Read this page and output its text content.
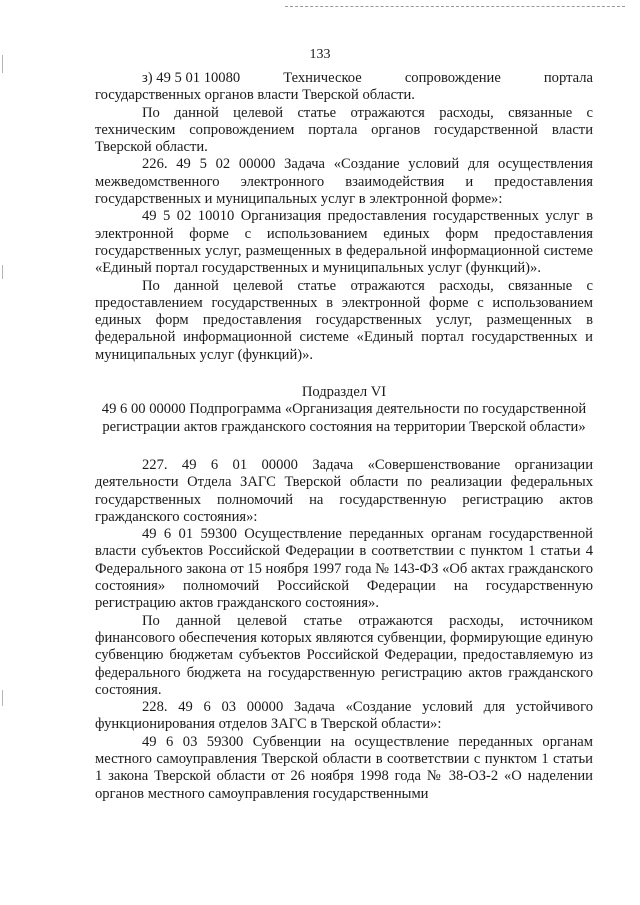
133

з) 49 5 01 10080	Техническое	сопровождение	портала

государственных органов власти Тверской области.

По данной целевой статье отражаются расходы, связанные с техническим сопровождением портала органов государственной власти Тверской области.

226. 49 5 02 00000 Задача «Создание условий для осуществления межведомственного электронного взаимодействия и предоставления государственных и муниципальных услуг в электронной форме»:

49 5 02 10010 Организация предоставления государственных услуг в электронной форме с использованием единых форм предоставления государственных услуг, размещенных в федеральной информационной системе «Единый портал государственных и муниципальных услуг (функций)».

По данной целевой статье отражаются расходы, связанные с предоставлением государственных в электронной форме с использованием единых форм предоставления государственных услуг, размещенных в федеральной информационной системе «Единый портал государственных и муниципальных услуг (функций)».

Подраздел VI

49 6 00 00000 Подпрограмма «Организация деятельности по государственной регистрации актов гражданского состояния на территории Тверской области»

227. 49 6 01 00000 Задача «Совершенствование организации деятельности Отдела ЗАГС Тверской области по реализации федеральных государственных полномочий на государственную регистрацию актов гражданского состояния»:

49 6 01 59300 Осуществление переданных органам государственной власти субъектов Российской Федерации в соответствии с пунктом 1 статьи 4 Федерального закона от 15 ноября 1997 года № 143-ФЗ «Об актах гражданского состояния» полномочий Российской Федерации на государственную регистрацию актов гражданского состояния».

По данной целевой статье отражаются расходы, источником финансового обеспечения которых являются субвенции, формирующие единую субвенцию бюджетам субъектов Российской Федерации, предоставляемую из федерального бюджета на государственную регистрацию актов гражданского состояния.

228. 49 6 03 00000 Задача «Создание условий для устойчивого функционирования отделов ЗАГС в Тверской области»:

49 6 03 59300 Субвенции на осуществление переданных органам местного самоуправления Тверской области в соответствии с пунктом 1 статьи 1 закона Тверской области от 26 ноября 1998 года № 38-ОЗ-2 «О наделении органов местного самоуправления государственными
